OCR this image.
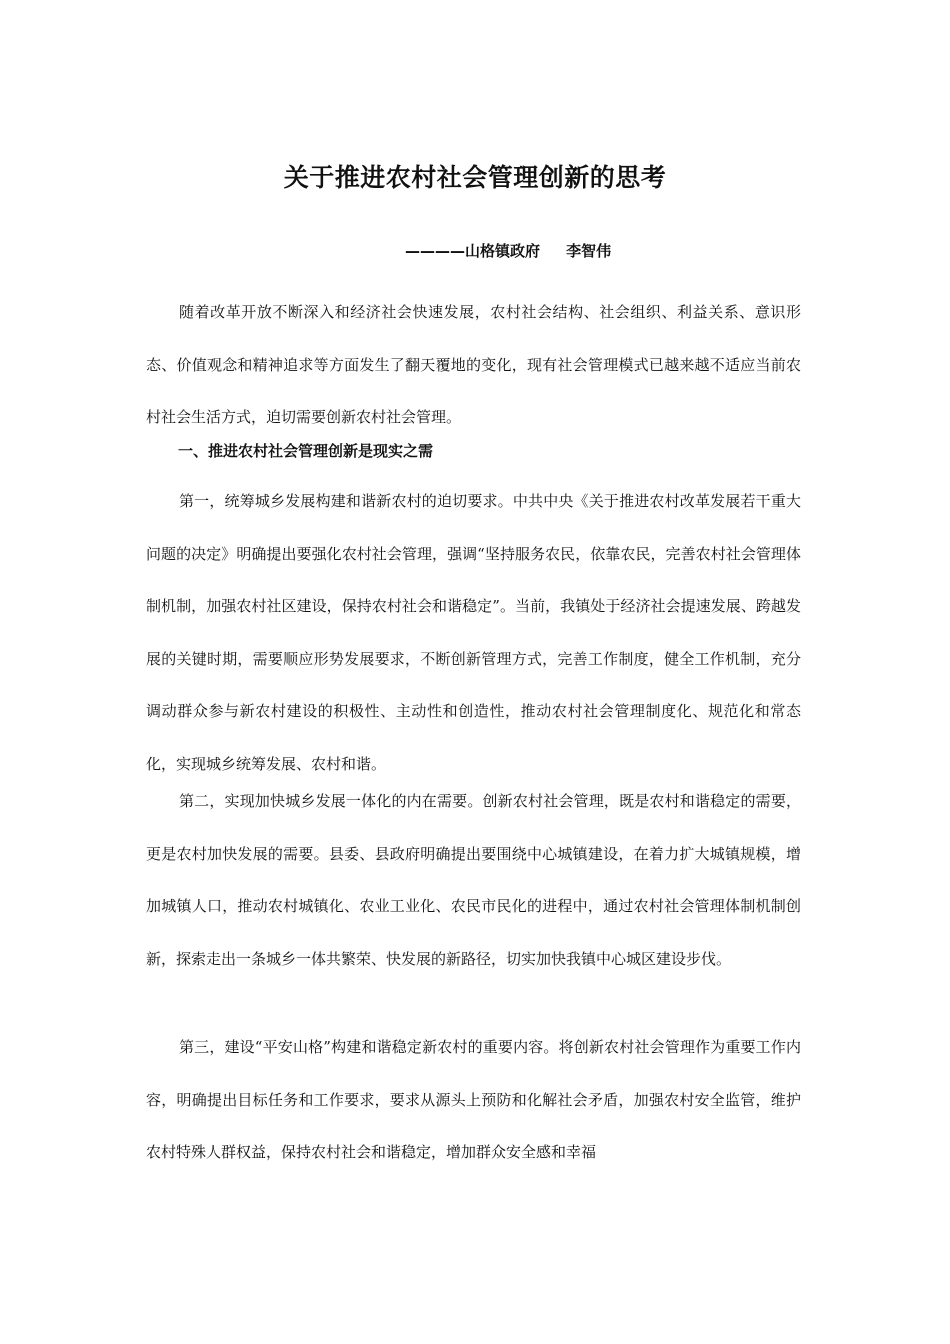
关于推进农村社会管理创新的思考
————山格镇政府     李智伟

随着改革开放不断深入和经济社会快速发展，农村社会结构、社会组织、利益关系、意识形态、价值观念和精神追求等方面发生了翻天覆地的变化，现有社会管理模式已越来越不适应当前农村社会生活方式，迫切需要创新农村社会管理。

一、推进农村社会管理创新是现实之需

第一，统筹城乡发展构建和谐新农村的迫切要求。中共中央《关于推进农村改革发展若干重大问题的决定》明确提出要强化农村社会管理，强调“坚持服务农民，依靠农民，完善农村社会管理体制机制，加强农村社区建设，保持农村社会和谐稳定”。当前，我镇处于经济社会提速发展、跨越发展的关键时期，需要顺应形势发展要求，不断创新管理方式，完善工作制度，健全工作机制，充分调动群众参与新农村建设的积极性、主动性和创造性，推动农村社会管理制度化、规范化和常态化，实现城乡统筹发展、农村和谐。

第二，实现加快城乡发展一体化的内在需要。创新农村社会管理，既是农村和谐稳定的需要，更是农村加快发展的需要。县委、县政府明确提出要围绕中心城镇建设，在着力扩大城镇规模，增加城镇人口，推动农村城镇化、农业工业化、农民市民化的进程中，通过农村社会管理体制机制创新，探索走出一条城乡一体共繁荣、快发展的新路径，切实加快我镇中心城区建设步伐。

第三，建设“平安山格”构建和谐稳定新农村的重要内容。将创新农村社会管理作为重要工作内容，明确提出目标任务和工作要求，要求从源头上预防和化解社会矛盾，加强农村安全监管，维护农村特殊人群权益，保持农村社会和谐稳定，增加群众安全感和幸福
